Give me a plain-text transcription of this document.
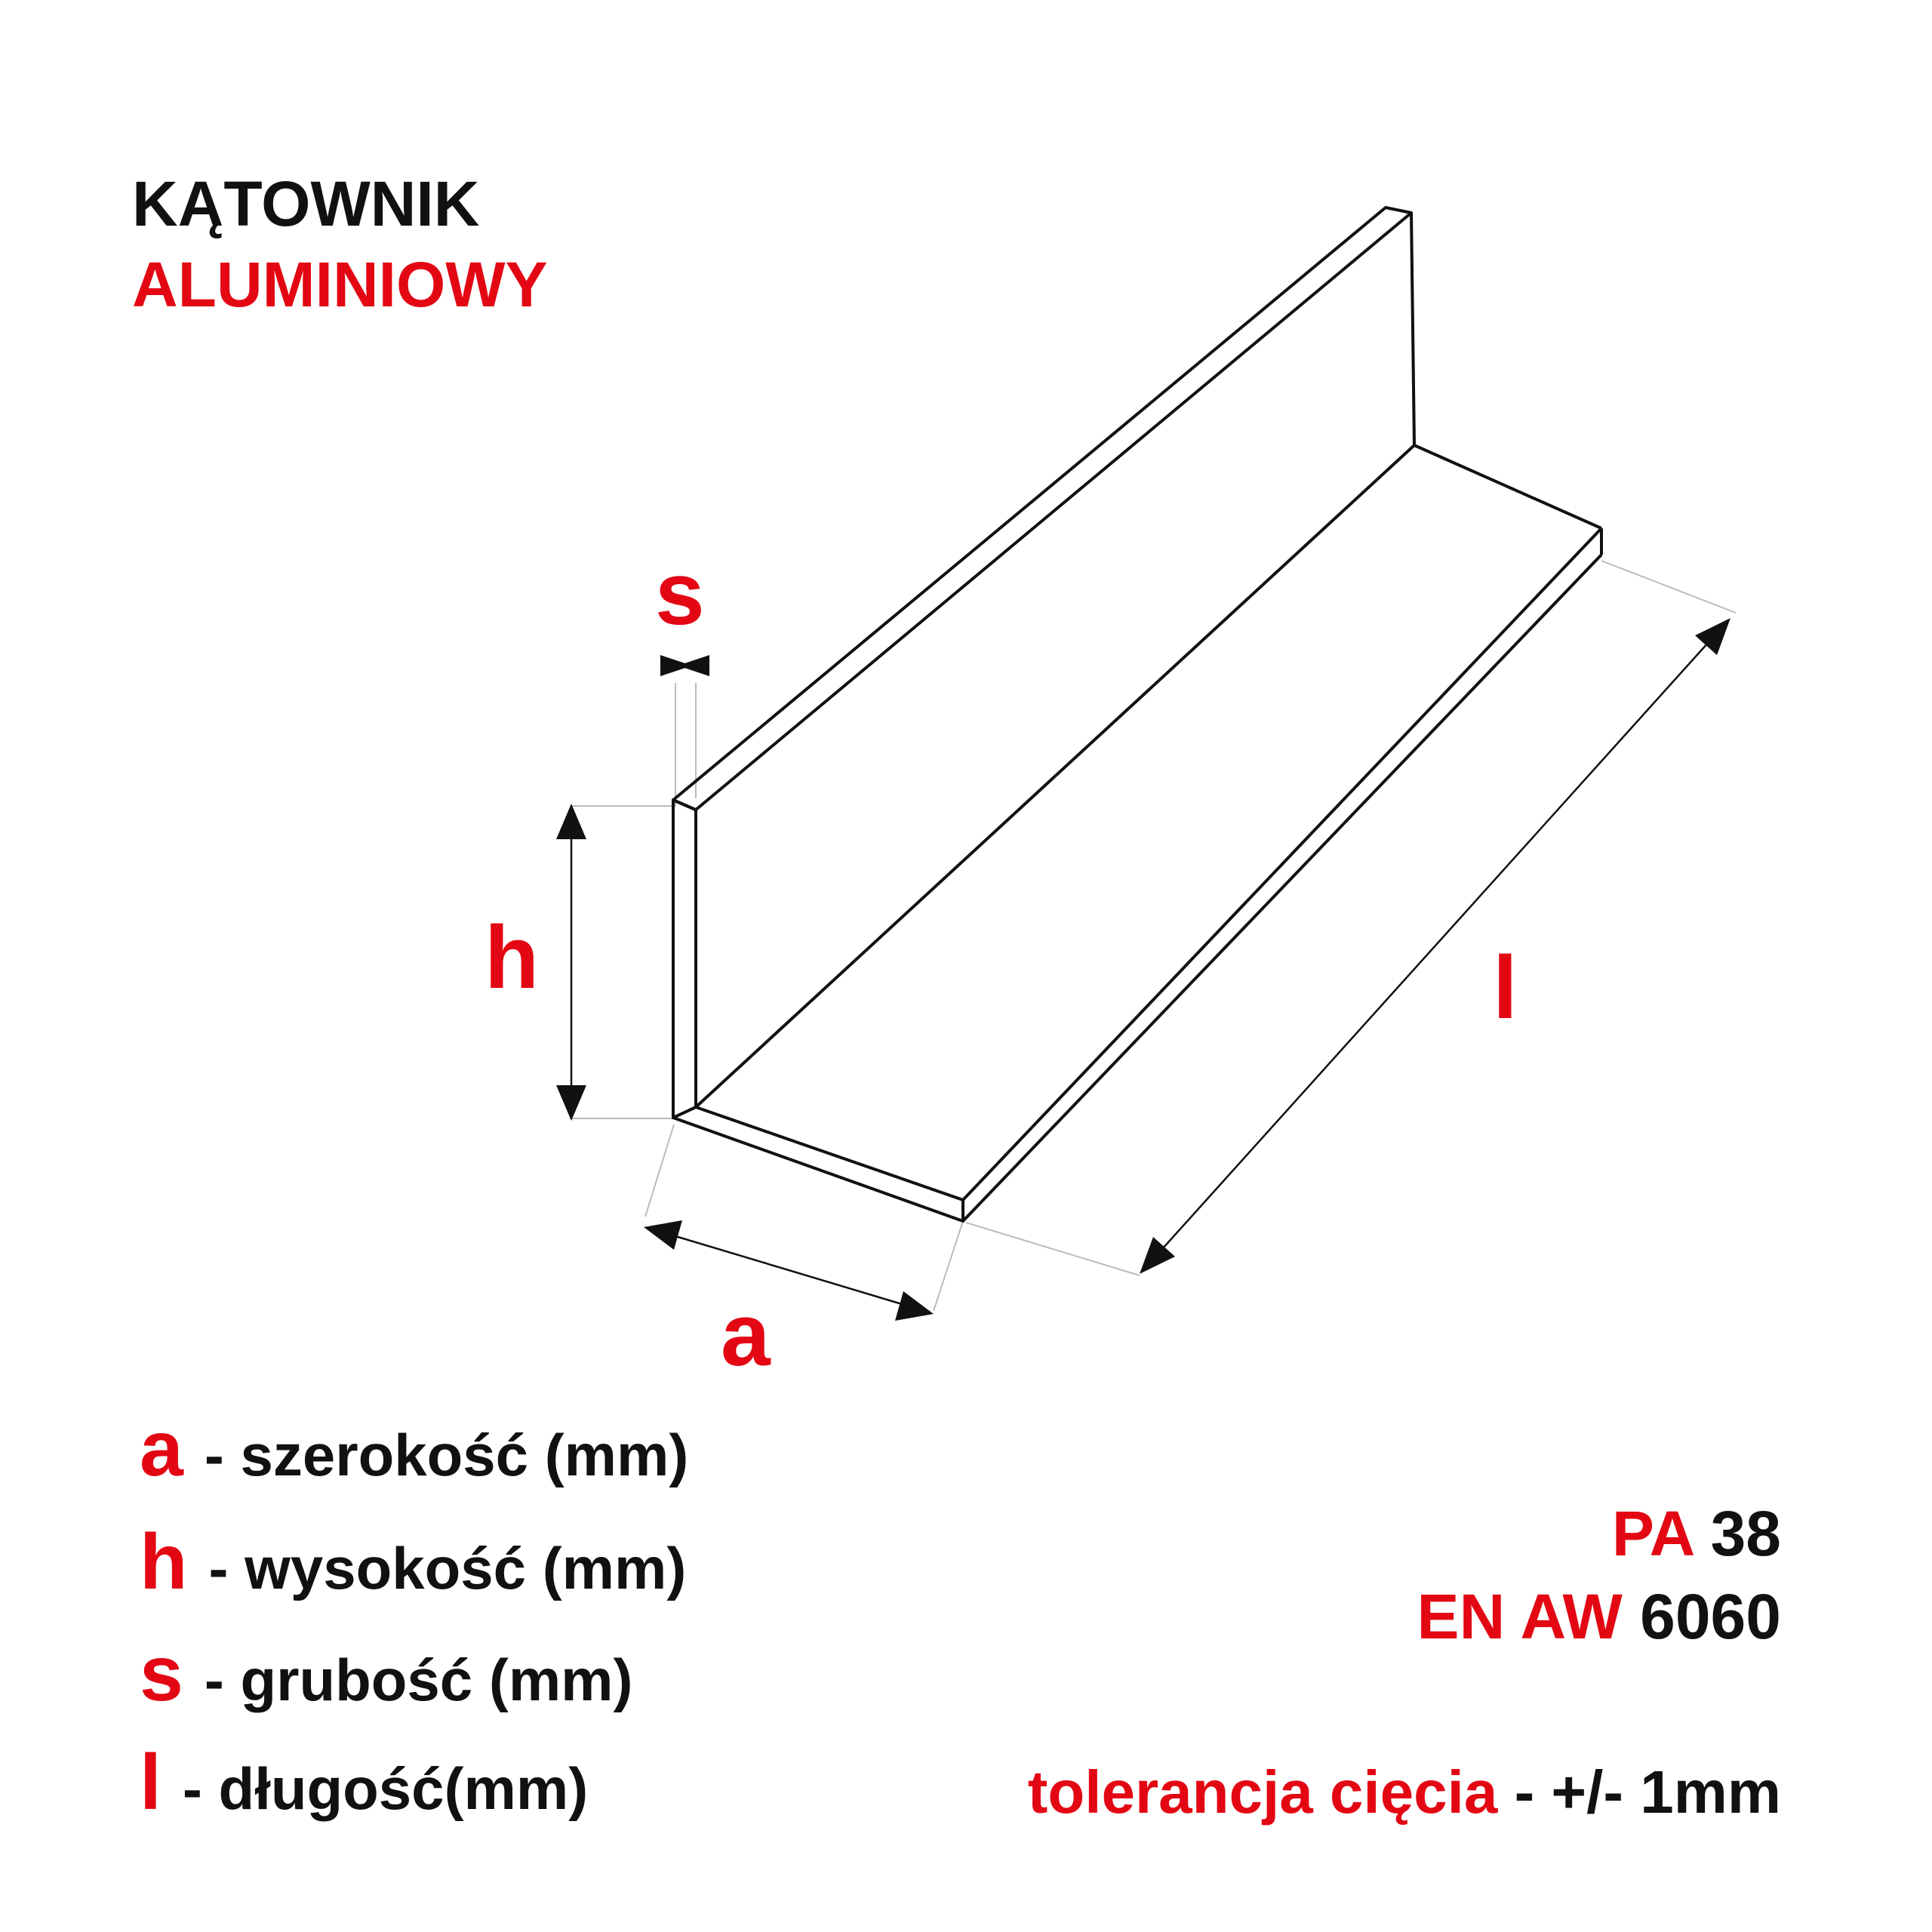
KĄTOWNIK
ALUMINIOWY
s
h
a
l
a - szerokość (mm)
h - wysokość (mm)
s - grubość (mm)
l - długość(mm)
PA 38
EN AW 6060
tolerancja cięcia - +/- 1mm
